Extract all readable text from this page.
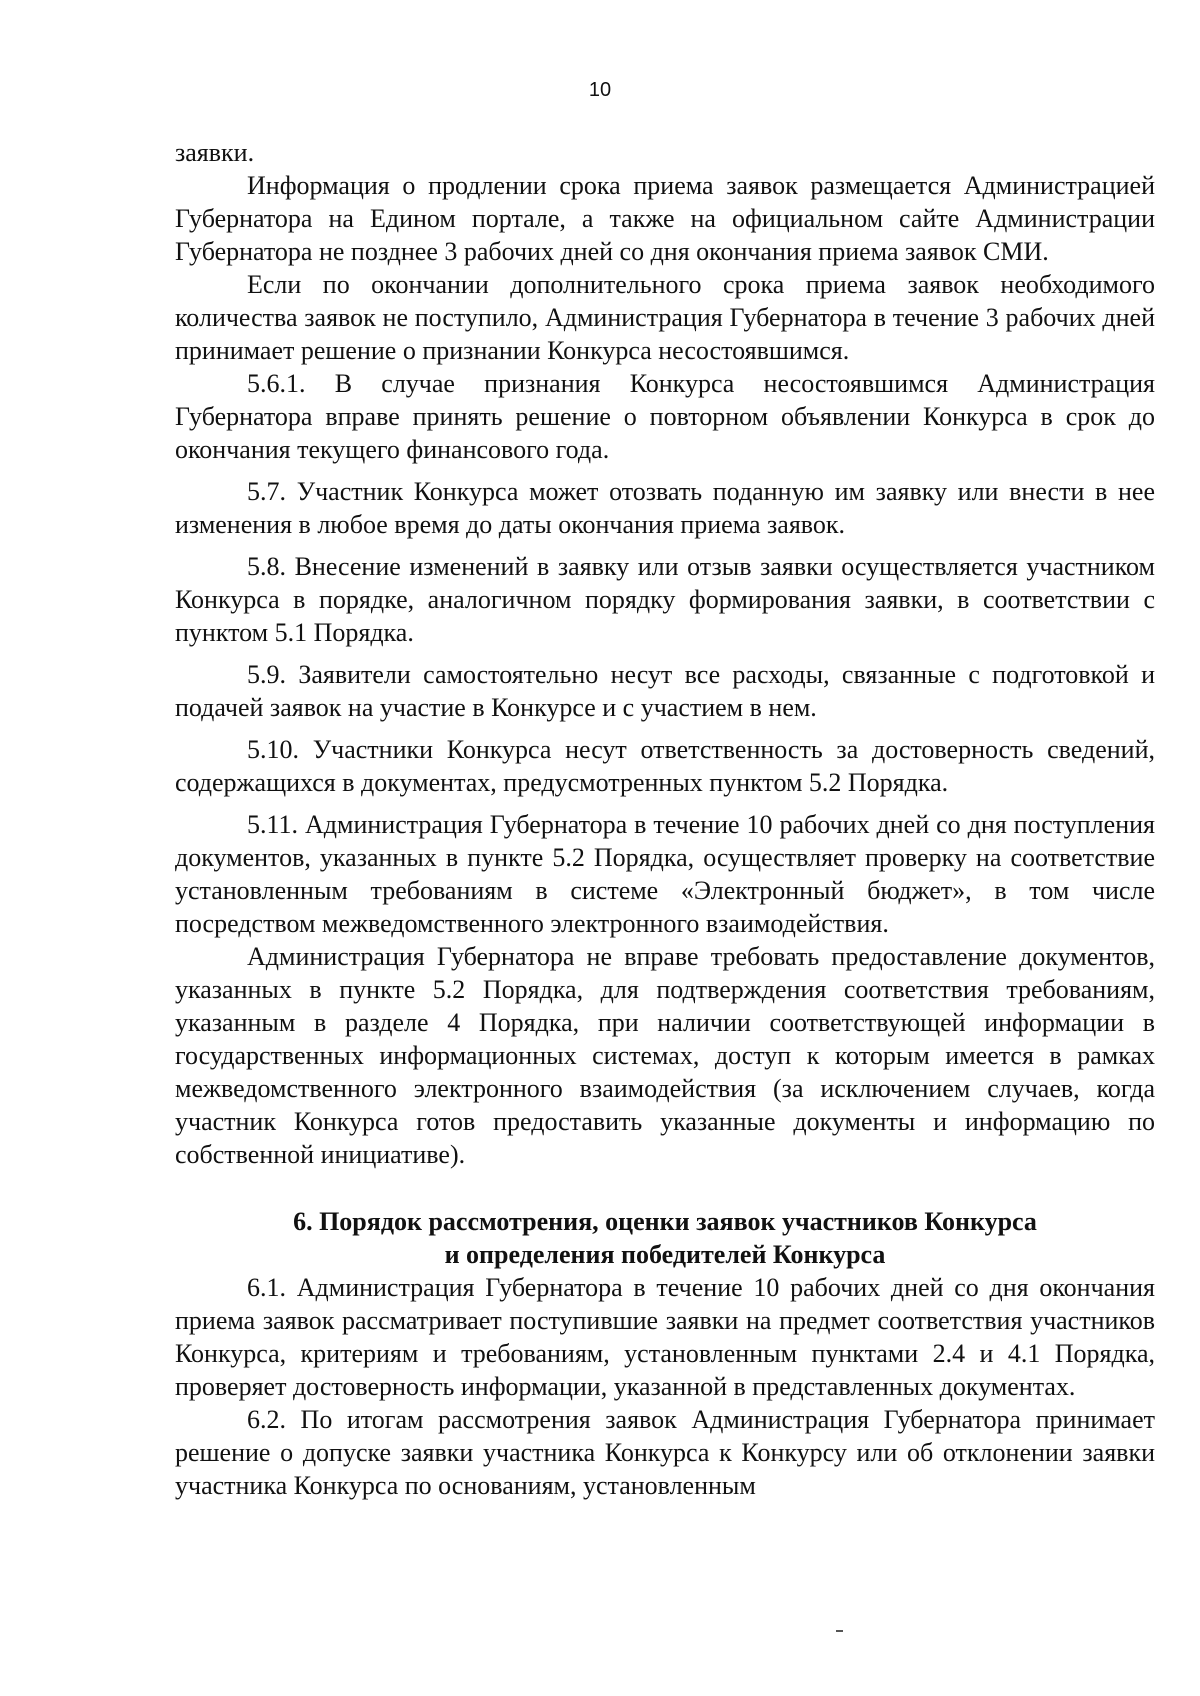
10

заявки.

Информация о продлении срока приема заявок размещается Администрацией Губернатора на Едином портале, а также на официальном сайте Администрации Губернатора не позднее 3 рабочих дней со дня окончания приема заявок СМИ.

Если по окончании дополнительного срока приема заявок необходимого количества заявок не поступило, Администрация Губернатора в течение 3 рабочих дней принимает решение о признании Конкурса несостоявшимся.

5.6.1. В случае признания Конкурса несостоявшимся Администрация Губернатора вправе принять решение о повторном объявлении Конкурса в срок до окончания текущего финансового года.

5.7. Участник Конкурса может отозвать поданную им заявку или внести в нее изменения в любое время до даты окончания приема заявок.

5.8. Внесение изменений в заявку или отзыв заявки осуществляется участником Конкурса в порядке, аналогичном порядку формирования заявки, в соответствии с пунктом 5.1 Порядка.

5.9. Заявители самостоятельно несут все расходы, связанные с подготовкой и подачей заявок на участие в Конкурсе и с участием в нем.

5.10. Участники Конкурса несут ответственность за достоверность сведений, содержащихся в документах, предусмотренных пунктом 5.2 Порядка.

5.11. Администрация Губернатора в течение 10 рабочих дней со дня поступления документов, указанных в пункте 5.2 Порядка, осуществляет проверку на соответствие установленным требованиям в системе «Электронный бюджет», в том числе посредством межведомственного электронного взаимодействия.

Администрация Губернатора не вправе требовать предоставление документов, указанных в пункте 5.2 Порядка, для подтверждения соответствия требованиям, указанным в разделе 4 Порядка, при наличии соответствующей информации в государственных информационных системах, доступ к которым имеется в рамках межведомственного электронного взаимодействия (за исключением случаев, когда участник Конкурса готов предоставить указанные документы и информацию по собственной инициативе).

6. Порядок рассмотрения, оценки заявок участников Конкурса
и определения победителей Конкурса

6.1. Администрация Губернатора в течение 10 рабочих дней со дня окончания приема заявок рассматривает поступившие заявки на предмет соответствия участников Конкурса, критериям и требованиям, установленным пунктами 2.4 и 4.1 Порядка, проверяет достоверность информации, указанной в представленных документах.

6.2. По итогам рассмотрения заявок Администрация Губернатора принимает решение о допуске заявки участника Конкурса к Конкурсу или об отклонении заявки участника Конкурса по основаниям, установленным
